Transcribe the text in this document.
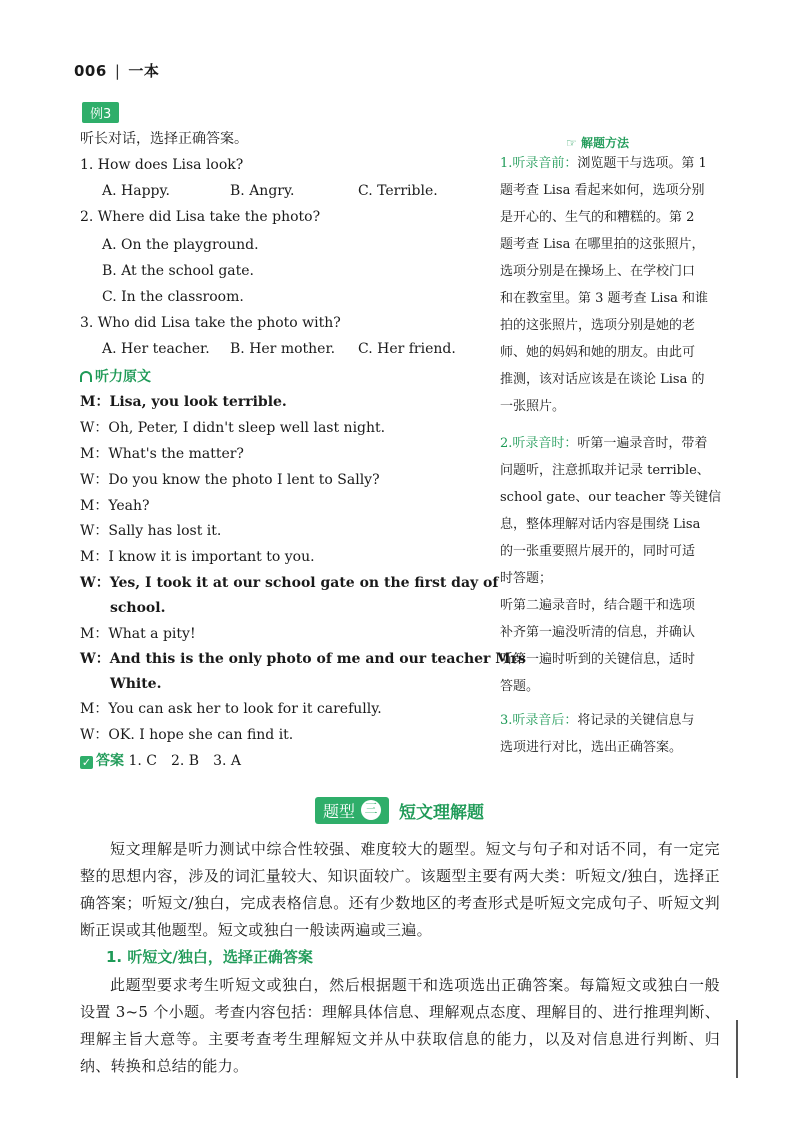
006 | 一本
例3
听长对话，选择正确答案。
1. How does Lisa look?
A. Happy.	B. Angry.	C. Terrible.
2. Where did Lisa take the photo?
A. On the playground.
B. At the school gate.
C. In the classroom.
3. Who did Lisa take the photo with?
A. Her teacher. B. Her mother. C. Her friend.
听力原文
M：Lisa, you look terrible.
W：Oh, Peter, I didn't sleep well last night.
M：What's the matter?
W：Do you know the photo I lent to Sally?
M：Yeah?
W：Sally has lost it.
M：I know it is important to you.
W：Yes, I took it at our school gate on the first day of
school.
M：What a pity!
W：And this is the only photo of me and our teacher Mrs
White.
M：You can ask her to look for it carefully.
W：OK. I hope she can find it.
✓ 答案 1. C　2. B　3. A
☞ 解题方法
1.听录音前：浏览题干与选项。第 1
题考查 Lisa 看起来如何，选项分别
是开心的、生气的和糟糕的。第 2
题考查 Lisa 在哪里拍的这张照片，
选项分别是在操场上、在学校门口
和在教室里。第 3 题考查 Lisa 和谁
拍的这张照片，选项分别是她的老
师、她的妈妈和她的朋友。由此可
推测，该对话应该是在谈论 Lisa 的
一张照片。
2.听录音时：听第一遍录音时，带着
问题听，注意抓取并记录 terrible、
school gate、our teacher 等关键信
息，整体理解对话内容是围绕 Lisa
的一张重要照片展开的，同时可适
时答题；
听第二遍录音时，结合题干和选项
补齐第一遍没听清的信息，并确认
听第一遍时听到的关键信息，适时
答题。
3.听录音后：将记录的关键信息与
选项进行对比，选出正确答案。
题型 三 短文理解题
短文理解是听力测试中综合性较强、难度较大的题型。短文与句子和对话不同，有一定完整的思想内容，涉及的词汇量较大、知识面较广。该题型主要有两大类：听短文/独白，选择正确答案；听短文/独白，完成表格信息。还有少数地区的考查形式是听短文完成句子、听短文判断正误或其他题型。短文或独白一般读两遍或三遍。
1. 听短文/独白，选择正确答案
此题型要求考生听短文或独白，然后根据题干和选项选出正确答案。每篇短文或独白一般设置 3~5 个小题。考查内容包括：理解具体信息、理解观点态度、理解目的、进行推理判断、理解主旨大意等。主要考查考生理解短文并从中获取信息的能力，以及对信息进行判断、归纳、转换和总结的能力。
